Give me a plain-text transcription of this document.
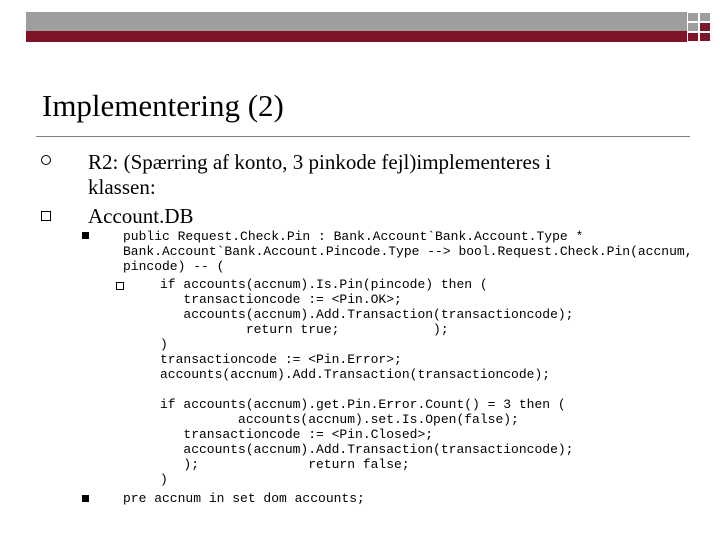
Implementering (2)
R2: (Spærring af konto, 3 pinkode fejl)implementeres i
klassen:
Account.DB
public Request.Check.Pin : Bank.Account`Bank.Account.Type *
Bank.Account`Bank.Account.Pincode.Type --> bool.Request.Check.Pin(accnum,
pincode) -- (
if accounts(accnum).Is.Pin(pincode) then (
transactioncode := <Pin.OK>;
accounts(accnum).Add.Transaction(transactioncode);
return true;            );
)
transactioncode := <Pin.Error>;
accounts(accnum).Add.Transaction(transactioncode);
if accounts(accnum).get.Pin.Error.Count() = 3 then (
accounts(accnum).set.Is.Open(false);
transactioncode := <Pin.Closed>;
accounts(accnum).Add.Transaction(transactioncode);
);              return false;
)
pre accnum in set dom accounts;
